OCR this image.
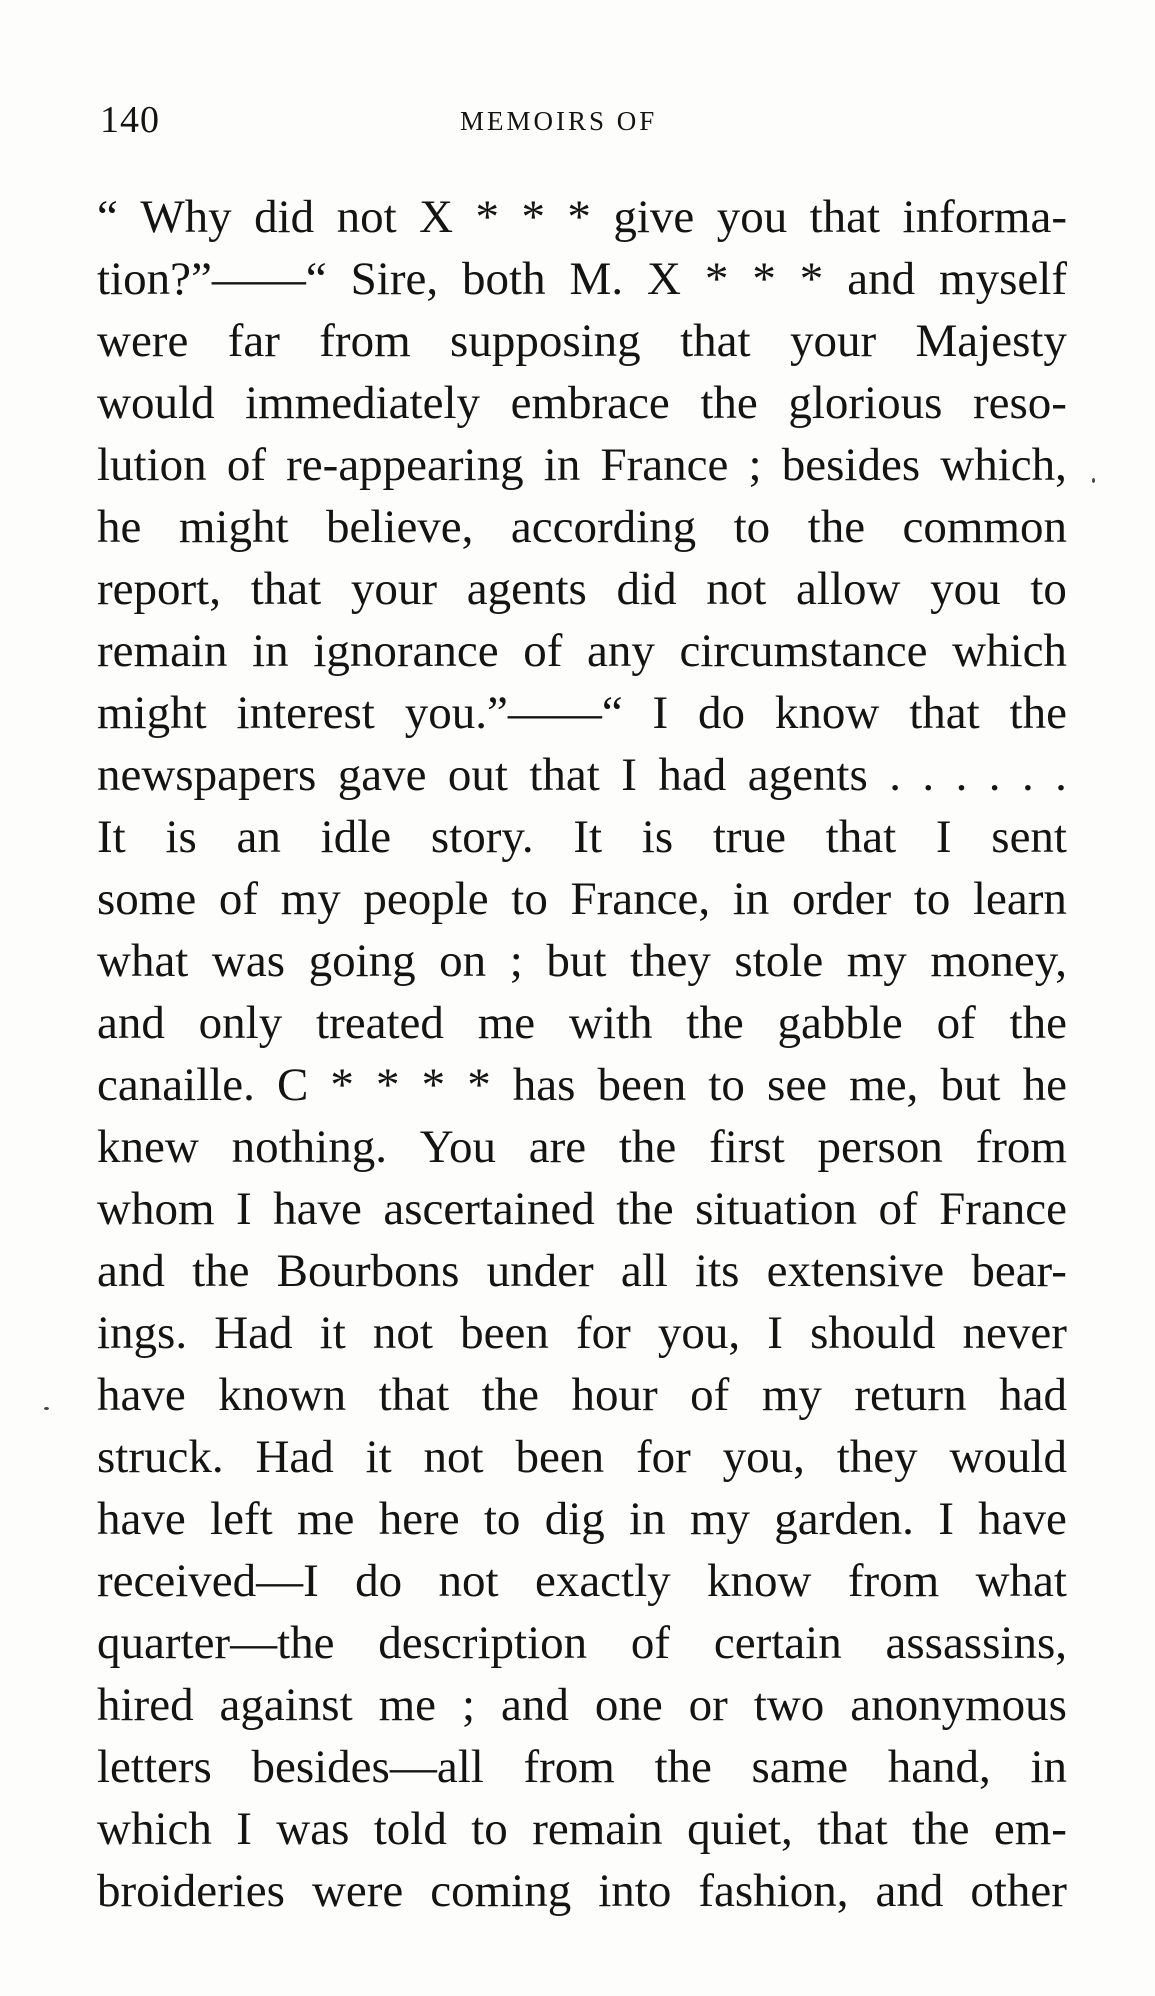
140	MEMOIRS OF
“ Why did not X * * * give you that informa-
tion?”——“ Sire, both M. X * * * and myself
were far from supposing that your Majesty
would immediately embrace the glorious reso-
lution of re-appearing in France ; besides which,
he might believe, according to the common
report, that your agents did not allow you to
remain in ignorance of any circumstance which
might interest you.”——“ I do know that the
newspapers gave out that I had agents . . . . . .
It is an idle story. It is true that I sent
some of my people to France, in order to learn
what was going on ; but they stole my money,
and only treated me with the gabble of the
canaille. C * * * * has been to see me, but he
knew nothing. You are the first person from
whom I have ascertained the situation of France
and the Bourbons under all its extensive bear-
ings. Had it not been for you, I should never
have known that the hour of my return had
struck. Had it not been for you, they would
have left me here to dig in my garden. I have
received—I do not exactly know from what
quarter—the description of certain assassins,
hired against me ; and one or two anonymous
letters besides—all from the same hand, in
which I was told to remain quiet, that the em-
broideries were coming into fashion, and other
